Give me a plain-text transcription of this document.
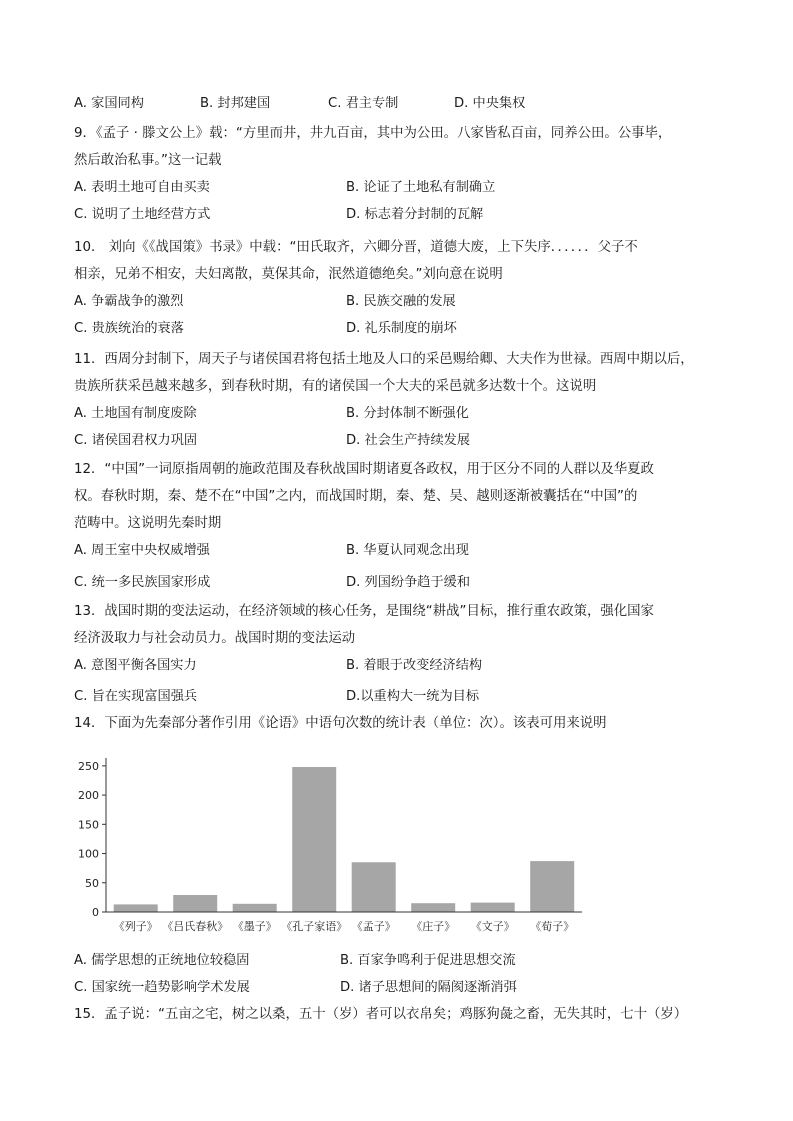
A. 家国同构	B. 封邦建国	C. 君主专制	D. 中央集权
9．《孟子 · 滕文公上》载：“方里而井，井九百亩，其中为公田。八家皆私百亩，同养公田。公事毕，
然后敢治私事。”这一记载
A. 表明土地可自由买卖	B. 论证了土地私有制确立
C. 说明了土地经营方式	D. 标志着分封制的瓦解
10． 刘向《《战国策》书录》中载：“田氏取齐，六卿分晋，道德大废，上下失序．．．．．．父子不
相亲，兄弟不相安，夫妇离散，莫保其命，泯然道德绝矣。”刘向意在说明
A. 争霸战争的激烈	B. 民族交融的发展
C. 贵族统治的衰落	D. 礼乐制度的崩坏
11．西周分封制下，周天子与诸侯国君将包括土地及人口的采邑赐给卿、大夫作为世禄。西周中期以后，
贵族所获采邑越来越多，到春秋时期，有的诸侯国一个大夫的采邑就多达数十个。这说明
A. 土地国有制度废除	B. 分封体制不断强化
C. 诸侯国君权力巩固	D. 社会生产持续发展
12．“中国”一词原指周朝的施政范围及春秋战国时期诸夏各政权，用于区分不同的人群以及华夏政
权。春秋时期，秦、楚不在“中国”之内，而战国时期，秦、楚、吴、越则逐渐被囊括在“中国”的
范畴中。这说明先秦时期
A. 周王室中央权威增强	B. 华夏认同观念出现
C. 统一多民族国家形成	D. 列国纷争趋于缓和
13．战国时期的变法运动，在经济领域的核心任务，是围绕“耕战”目标，推行重农政策，强化国家
经济汲取力与社会动员力。战国时期的变法运动
A. 意图平衡各国实力	B. 着眼于改变经济结构
C. 旨在实现富国强兵	D.以重构大一统为目标
14．下面为先秦部分著作引用《论语》中语句次数的统计表（单位：次）。该表可用来说明
0
50
100
150
200
250
《列子》 《吕氏春秋》 《墨子》 《孔子家语》 《孟子》 《庄子》 《文子》 《荀子》
A. 儒学思想的正统地位较稳固	B. 百家争鸣利于促进思想交流
C. 国家统一趋势影响学术发展	D. 诸子思想间的隔阂逐渐消弭
15．孟子说：“五亩之宅，树之以桑，五十（岁）者可以衣帛矣；鸡豚狗彘之畜，无失其时，七十（岁）
